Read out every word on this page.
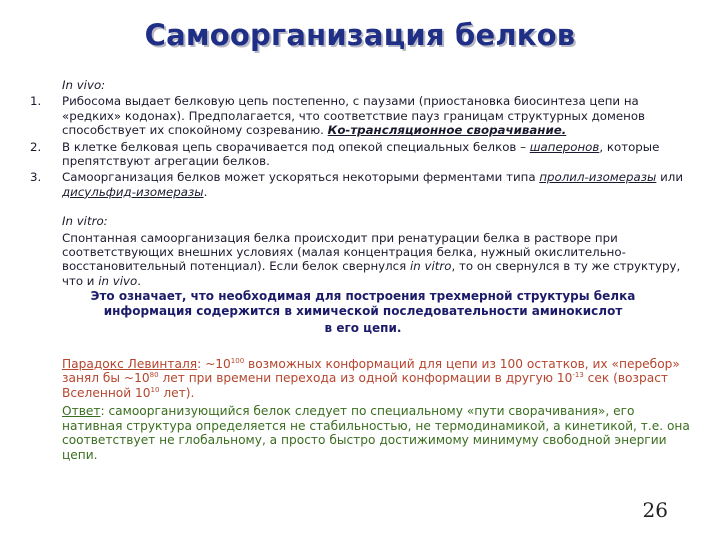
Самоорганизация белков
In vivo:
1. Рибосома выдает белковую цепь постепенно, с паузами (приостановка биосинтеза цепи на «редких» кодонах). Предполагается, что соответствие пауз границам структурных доменов способствует их спокойному созреванию. Ко-трансляционное сворачивание.
2. В клетке белковая цепь сворачивается под опекой специальных белков – шаперонов, которые препятствуют агрегации белков.
3. Самоорганизация белков может ускоряться некоторыми ферментами типа пролил-изомеразы или дисульфид-изомеразы.
In vitro:
Спонтанная самоорганизация белка происходит при ренатурации белка в растворе при соответствующих внешних условиях (малая концентрация белка, нужный окислительно-восстановительный потенциал). Если белок свернулся in vitro, то он свернулся в ту же структуру, что и in vivo.
Это означает, что необходимая для построения трехмерной структуры белка
информация содержится в химической последовательности аминокислот
в его цепи.
Парадокс Левинталя: $\sim 10^{100}$ возможных конформаций для цепи из 100 остатков, их «перебор» занял бы $\sim 10^{80}$ лет при времени перехода из одной конформации в другую $10^{-13}$ сек (возраст Вселенной $10^{10}$ лет).
Ответ: самоорганизующийся белок следует по специальному «пути сворачивания», его нативная структура определяется не стабильностью, не термодинамикой, а кинетикой, т.е. она соответствует не глобальному, а просто быстро достижимому минимуму свободной энергии цепи.
26
